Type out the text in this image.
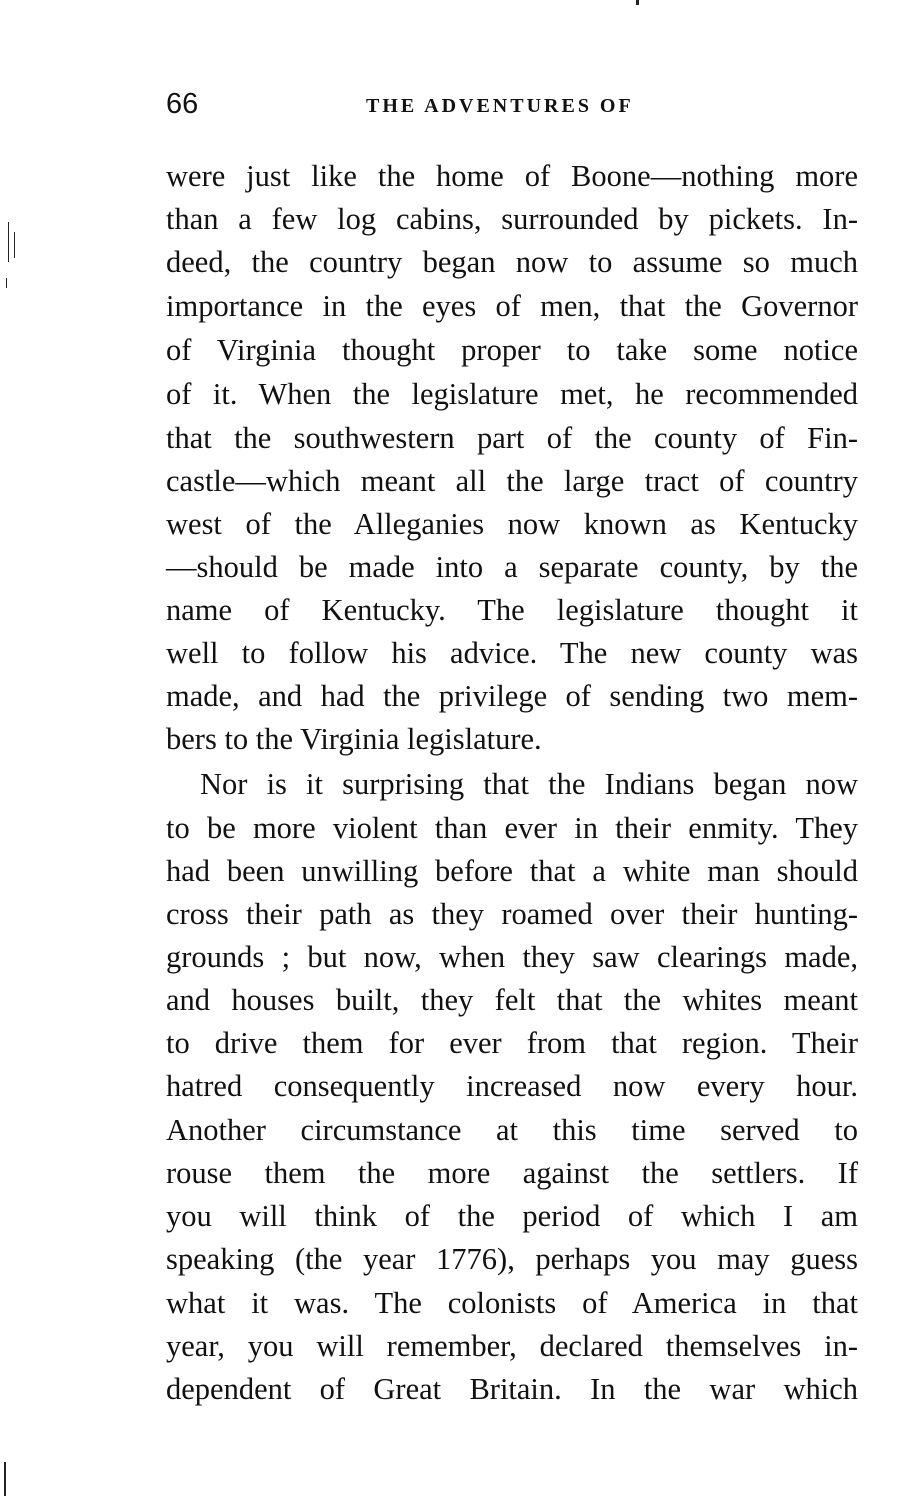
66	THE ADVENTURES OF
were just like the home of Boone—nothing more
than a few log cabins, surrounded by pickets. In-
deed, the country began now to assume so much
importance in the eyes of men, that the Governor
of Virginia thought proper to take some notice
of it. When the legislature met, he recommended
that the southwestern part of the county of Fin-
castle—which meant all the large tract of country
west of the Alleganies now known as Kentucky
—should be made into a separate county, by the
name of Kentucky. The legislature thought it
well to follow his advice. The new county was
made, and had the privilege of sending two mem-
bers to the Virginia legislature.
Nor is it surprising that the Indians began now
to be more violent than ever in their enmity. They
had been unwilling before that a white man should
cross their path as they roamed over their hunting-
grounds ; but now, when they saw clearings made,
and houses built, they felt that the whites meant
to drive them for ever from that region. Their
hatred consequently increased now every hour.
Another circumstance at this time served to
rouse them the more against the settlers. If
you will think of the period of which I am
speaking (the year 1776), perhaps you may guess
what it was. The colonists of America in that
year, you will remember, declared themselves in-
dependent of Great Britain. In the war which
